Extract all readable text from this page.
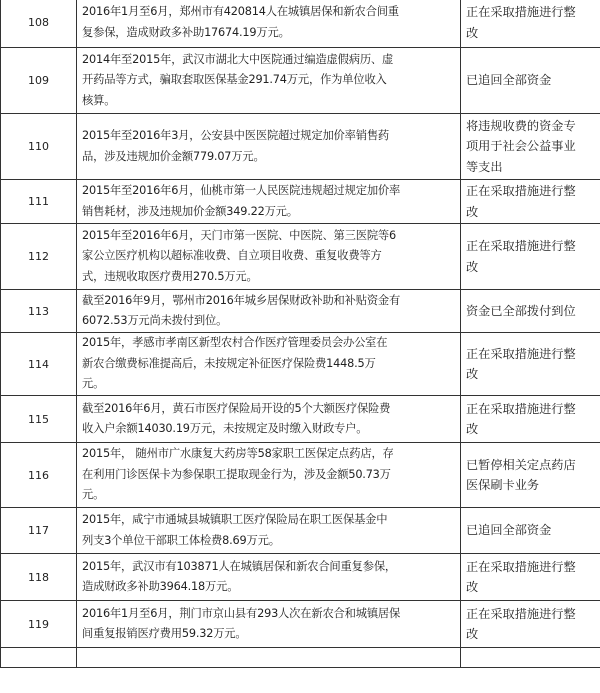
108	2016年1月至6月，郑州市有420814人在城镇居保和新农合间重
复参保，造成财政多补助17674.19万元。	正在采取措施进行整
改

109	2014年至2015年，武汉市湖北大中医院通过编造虚假病历、虚
开药品等方式，骗取套取医保基金291.74万元，作为单位收入
核算。	已追回全部资金

110	2015年至2016年3月，公安县中医医院超过规定加价率销售药
品，涉及违规加价金额779.07万元。	将违规收费的资金专
项用于社会公益事业
等支出

111	2015年至2016年6月，仙桃市第一人民医院违规超过规定加价率
销售耗材，涉及违规加价金额349.22万元。	正在采取措施进行整
改

112	2015年至2016年6月，天门市第一医院、中医院、第三医院等6
家公立医疗机构以超标准收费、自立项目收费、重复收费等方
式，违规收取医疗费用270.5万元。	正在采取措施进行整
改

113	截至2016年9月，鄂州市2016年城乡居保财政补助和补贴资金有
6072.53万元尚未拨付到位。	资金已全部拨付到位

114	2015年，孝感市孝南区新型农村合作医疗管理委员会办公室在
新农合缴费标准提高后，未按规定补征医疗保险费1448.5万
元。	正在采取措施进行整
改

115	截至2016年6月，黄石市医疗保险局开设的5个大额医疗保险费
收入户余额14030.19万元，未按规定及时缴入财政专户。	正在采取措施进行整
改

116	2015年， 随州市广水康复大药房等58家职工医保定点药店，存
在利用门诊医保卡为参保职工提取现金行为，涉及金额50.73万
元。	已暂停相关定点药店
医保刷卡业务

117	2015年，咸宁市通城县城镇职工医疗保险局在职工医保基金中
列支3个单位干部职工体检费8.69万元。	已追回全部资金

118	2015年，武汉市有103871人在城镇居保和新农合间重复参保，
造成财政多补助3964.18万元。	正在采取措施进行整
改

119	2016年1月至6月，荆门市京山县有293人次在新农合和城镇居保
间重复报销医疗费用59.32万元。	正在采取措施进行整
改
